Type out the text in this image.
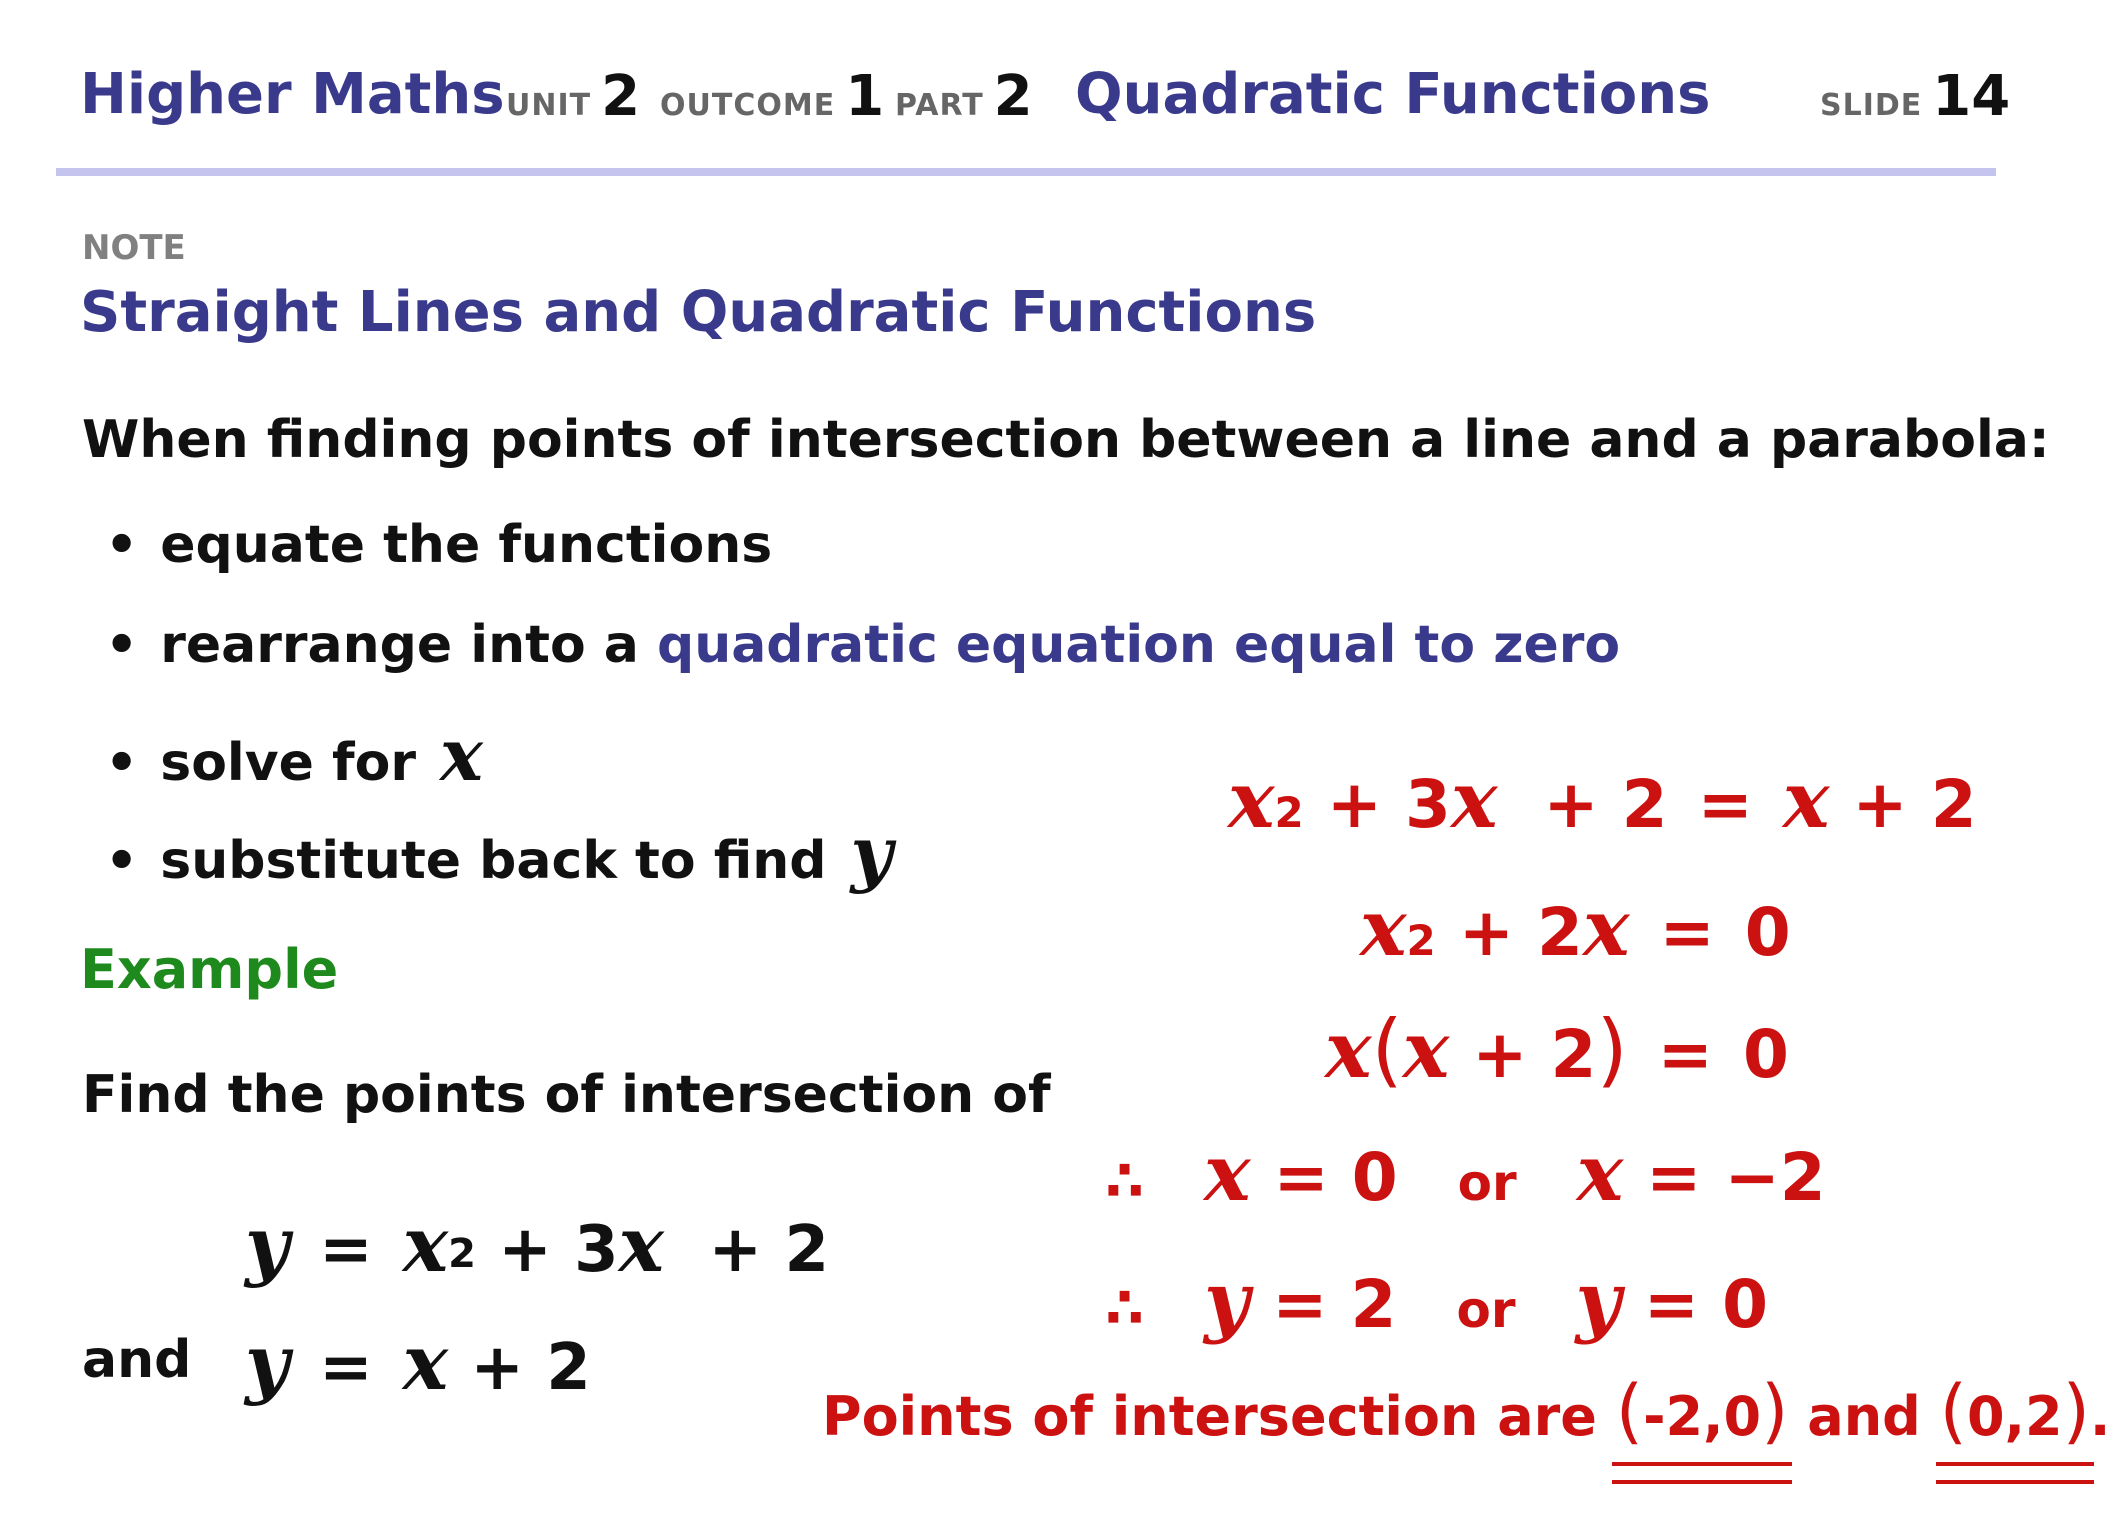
Higher Maths UNIT 2 OUTCOME 1 PART 2 Quadratic Functions	SLIDE 14
NOTE
Straight Lines and Quadratic Functions
When finding points of intersection between a line and a parabola:
• equate the functions
• rearrange into a quadratic equation equal to zero
• solve for x
• substitute back to find y
Example
Find the points of intersection of
$y = x^2 + 3$ x + 2
and y = x + 2
x 2 + 3 x + 2 = x + 2
x 2 + 2 x = 0
x ( x + 2 ) = 0
∴ x = 0 or x = −2
∴ y = 2 or y = 0
Points of intersection are
(-2,0)
and
(0,2) .
